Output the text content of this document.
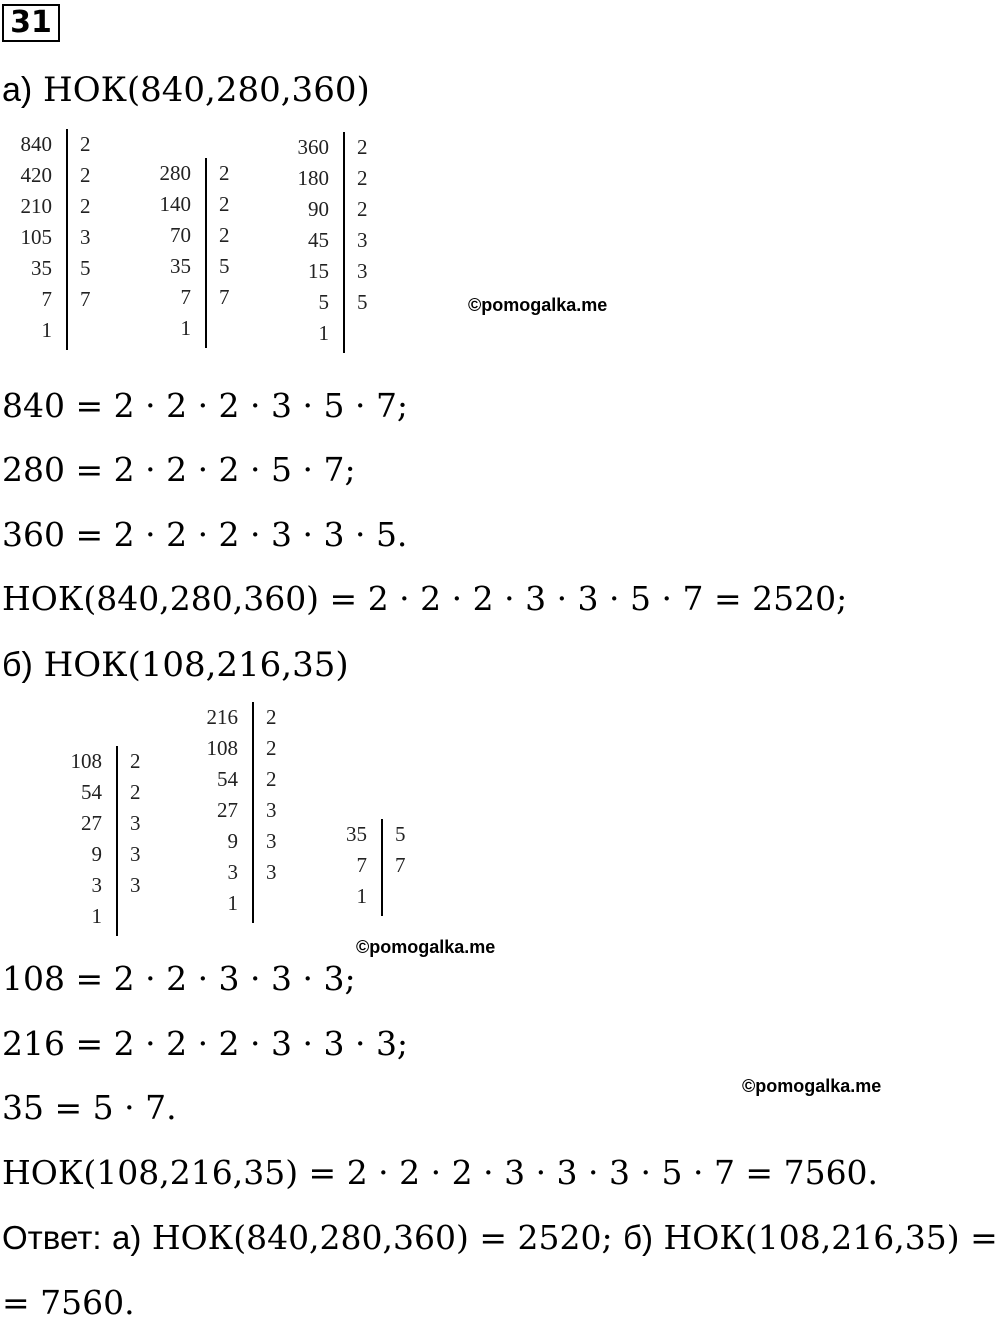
31
а) НОК(840,280,360)
840
420
210
105
35
7
1
2
2
2
3
5
7
280
140
70
35
7
1
2
2
2
5
7
360
180
90
45
15
5
1
2
2
2
3
3
5	©pomogalka.me
840 = 2 · 2 · 2 · 3 · 5 · 7;
280 = 2 · 2 · 2 · 5 · 7;
360 = 2 · 2 · 2 · 3 · 3 · 5.
НОК(840,280,360) = 2 · 2 · 2 · 3 · 3 · 5 · 7 = 2520;
б) НОК(108,216,35)
108
54
27
9
3
1
2
2
3
3
3
216
108
54
27
9
3
1
2
2
2
3
3
3
35
7
1
5
7
©pomogalka.me
108 = 2 · 2 · 3 · 3 · 3;
216 = 2 · 2 · 2 · 3 · 3 · 3;
35 = 5 · 7.
©pomogalka.me
НОК(108,216,35) = 2 · 2 · 2 · 3 · 3 · 3 · 5 · 7 = 7560.
Ответ: а) НОК(840,280,360) = 2520; б) НОК(108,216,35) =
= 7560.
